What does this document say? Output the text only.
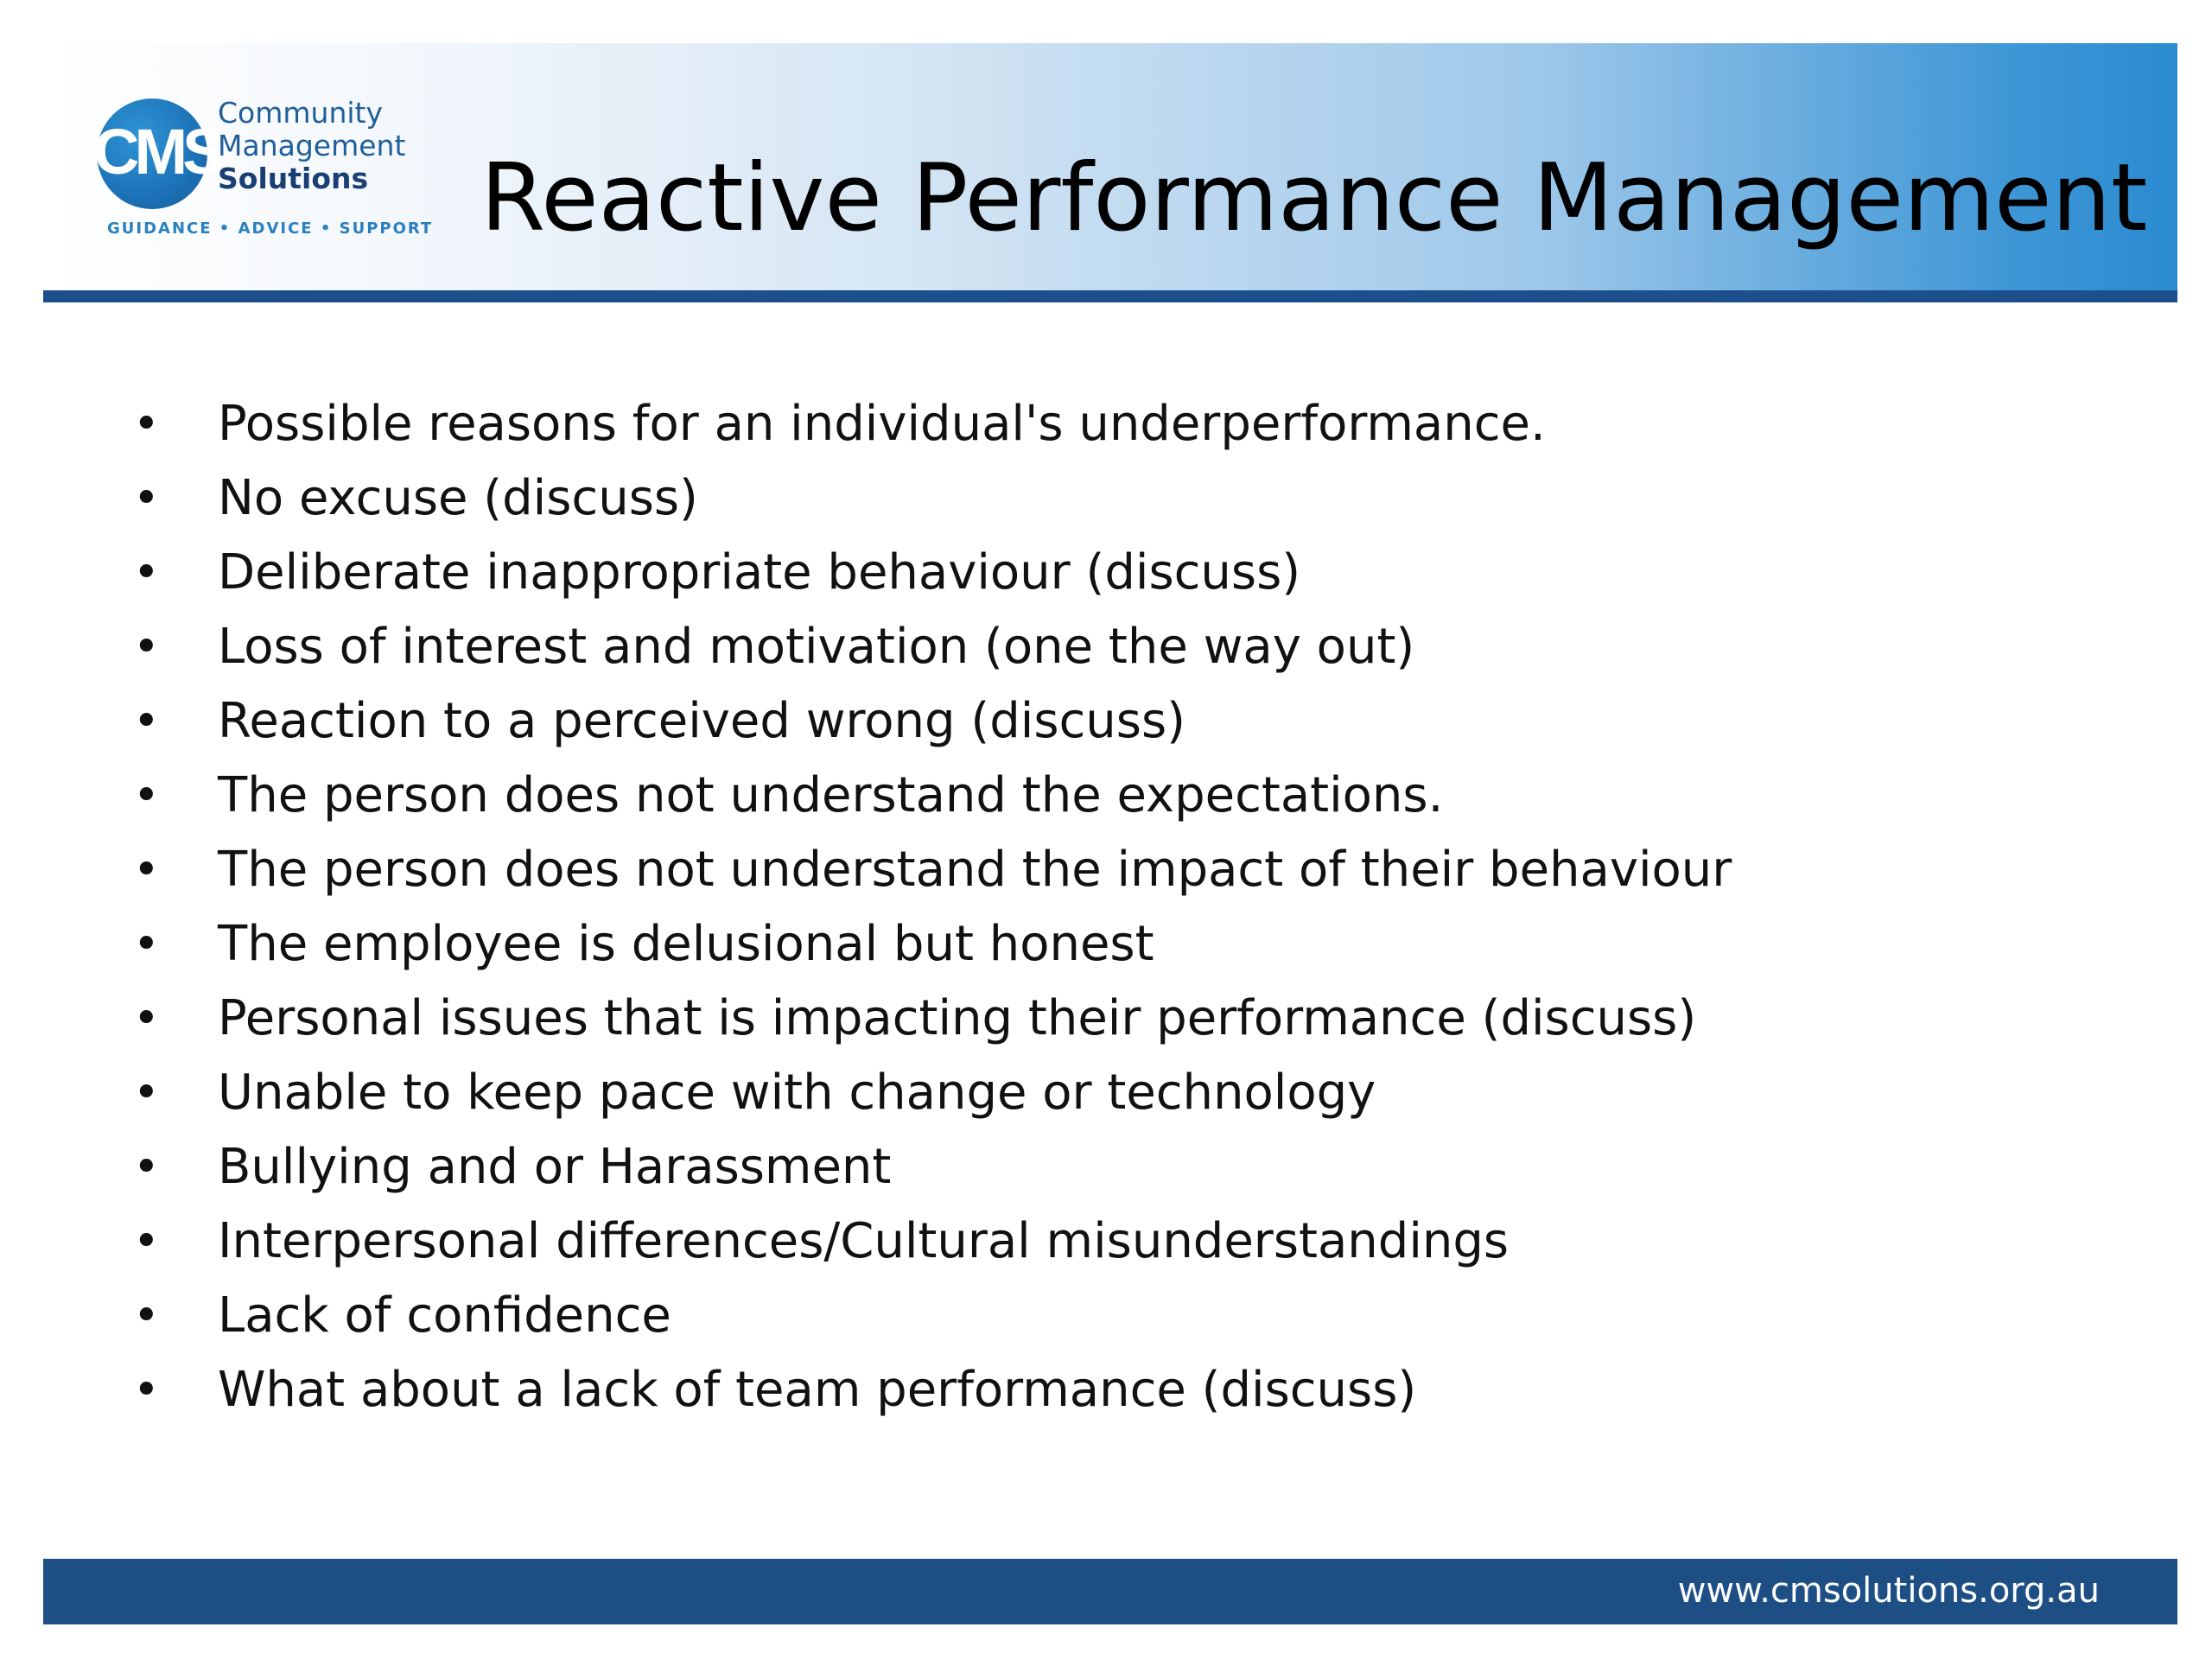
CMS
Community
Management
Solutions
GUIDANCE • ADVICE • SUPPORT Reactive Performance Management
• Possible reasons for an individual's underperformance.
• No excuse (discuss)
• Deliberate inappropriate behaviour (discuss)
• Loss of interest and motivation (one the way out)
• Reaction to a perceived wrong (discuss)
• The person does not understand the expectations.
• The person does not understand the impact of their behaviour
• The employee is delusional but honest
• Personal issues that is impacting their performance (discuss)
• Unable to keep pace with change or technology
• Bullying and or Harassment
• Interpersonal differences/Cultural misunderstandings
• Lack of confidence
• What about a lack of team performance (discuss)
www.cmsolutions.org.au
